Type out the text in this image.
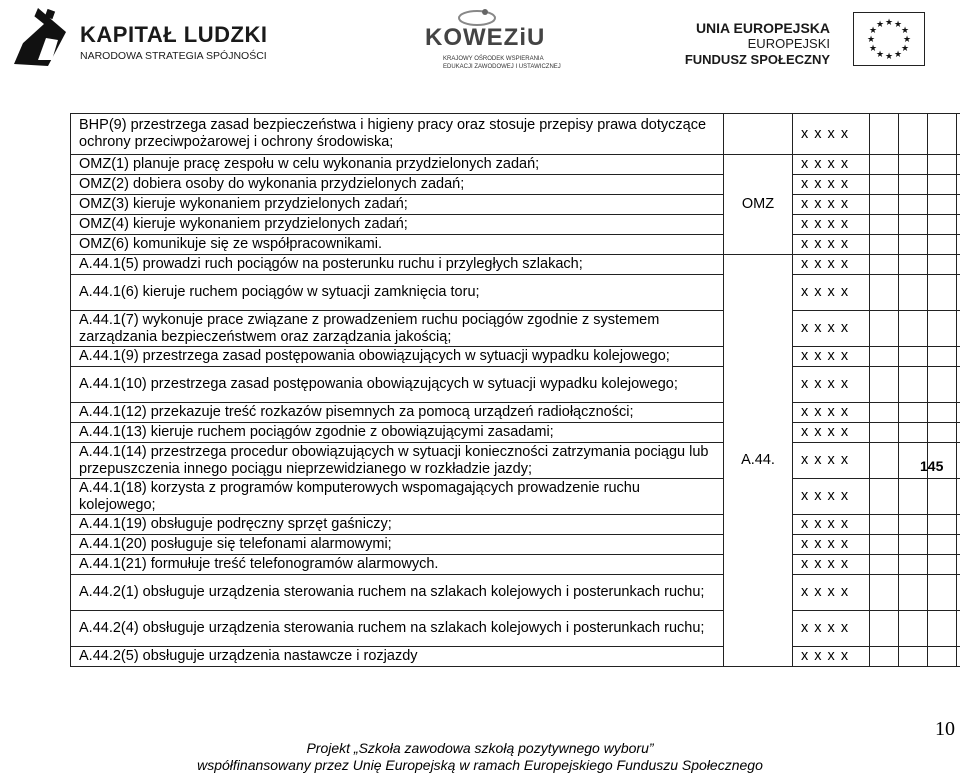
KAPITAŁ LUDZKI
NARODOWA STRATEGIA SPÓJNOŚCI
KOWEZiU
KRAJOWY OŚRODEK WSPIERANIA
EDUKACJI ZAWODOWEJ I USTAWICZNEJ
UNIA EUROPEJSKA
EUROPEJSKI
FUNDUSZ SPOŁECZNY
★ ★
★
★
★
★
★
★
★
★
★
★
BHP(9) przestrzega zasad bezpieczeństwa i higieny pracy oraz stosuje przepisy prawa dotyczące ochrony przeciwpożarowej i ochrony środowiska;		x x x x				
OMZ(1) planuje pracę zespołu w celu wykonania przydzielonych zadań;	OMZ	x x x x				
OMZ(2) dobiera osoby do wykonania przydzielonych zadań;		x x x x				
OMZ(3) kieruje wykonaniem przydzielonych zadań;		x x x x				
OMZ(4) kieruje wykonaniem przydzielonych zadań;		x x x x				
OMZ(6) komunikuje się ze współpracownikami.		x x x x				
A.44.1(5) prowadzi ruch pociągów na posterunku ruchu i przyległych szlakach;	A.44.	x x x x				
A.44.1(6) kieruje ruchem pociągów w sytuacji zamknięcia toru;		x x x x				
A.44.1(7) wykonuje prace związane z prowadzeniem ruchu pociągów zgodnie z systemem zarządzania bezpieczeństwem oraz zarządzania jakością;		x x x x				
A.44.1(9) przestrzega zasad postępowania obowiązujących w sytuacji wypadku kolejowego;		x x x x				
A.44.1(10) przestrzega zasad postępowania obowiązujących w sytuacji wypadku kolejowego;		x x x x				
A.44.1(12) przekazuje treść rozkazów pisemnych za pomocą urządzeń radiołączności;		x x x x				
A.44.1(13) kieruje ruchem pociągów zgodnie z obowiązującymi zasadami;		x x x x				
A.44.1(14) przestrzega procedur obowiązujących w sytuacji konieczności zatrzymania pociągu lub przepuszczenia innego pociągu nieprzewidzianego w rozkładzie jazdy;		x x x x				
A.44.1(18) korzysta z programów komputerowych wspomagających prowadzenie ruchu kolejowego;		x x x x				
A.44.1(19) obsługuje podręczny sprzęt gaśniczy;		x x x x				
A.44.1(20) posługuje się telefonami alarmowymi;		x x x x				
A.44.1(21) formułuje treść telefonogramów alarmowych.		x x x x				
A.44.2(1) obsługuje urządzenia sterowania ruchem na szlakach kolejowych i posterunkach ruchu;		x x x x				
A.44.2(4) obsługuje urządzenia sterowania ruchem na szlakach kolejowych i posterunkach ruchu;		x x x x				
A.44.2(5) obsługuje urządzenia nastawcze i rozjazdy		x x x x				
145
10
Projekt „Szkoła zawodowa szkołą pozytywnego wyboru”
współfinansowany przez Unię Europejską w ramach Europejskiego Funduszu Społecznego
